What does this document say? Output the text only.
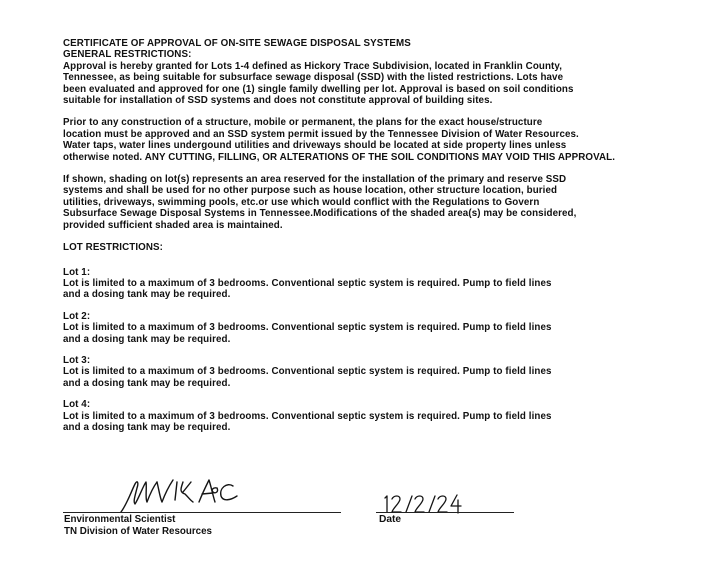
CERTIFICATE OF APPROVAL OF ON-SITE SEWAGE DISPOSAL SYSTEMS

GENERAL RESTRICTIONS:

Approval is hereby granted for Lots 1-4 defined as Hickory Trace Subdivision, located in Franklin County,
Tennessee, as being suitable for subsurface sewage disposal (SSD) with the listed restrictions. Lots have
been evaluated and approved for one (1) single family dwelling per lot. Approval is based on soil conditions
suitable for installation of SSD systems and does not constitute approval of building sites.

Prior to any construction of a structure, mobile or permanent, the plans for the exact house/structure
location must be approved and an SSD system permit issued by the Tennessee Division of Water Resources.
Water taps, water lines undergound utilities and driveways should be located at side property lines unless
otherwise noted. ANY CUTTING, FILLING, OR ALTERATIONS OF THE SOIL CONDITIONS MAY VOID THIS APPROVAL.

If shown, shading on lot(s) represents an area reserved for the installation of the primary and reserve SSD
systems and shall be used for no other purpose such as house location, other structure location, buried
utilities, driveways, swimming pools, etc.or use which would conflict with the Regulations to Govern
Subsurface Sewage Disposal Systems in Tennessee.Modifications of the shaded area(s) may be considered,
provided sufficient shaded area is maintained.

LOT RESTRICTIONS:

Lot 1:
Lot is limited to a maximum of 3 bedrooms. Conventional septic system is required. Pump to field lines
and a dosing tank may be required.

Lot 2:
Lot is limited to a maximum of 3 bedrooms. Conventional septic system is required. Pump to field lines
and a dosing tank may be required.

Lot 3:
Lot is limited to a maximum of 3 bedrooms. Conventional septic system is required. Pump to field lines
and a dosing tank may be required.

Lot 4:
Lot is limited to a maximum of 3 bedrooms. Conventional septic system is required. Pump to field lines
and a dosing tank may be required.

Environmental Scientist
TN Division of Water Resources
Date
